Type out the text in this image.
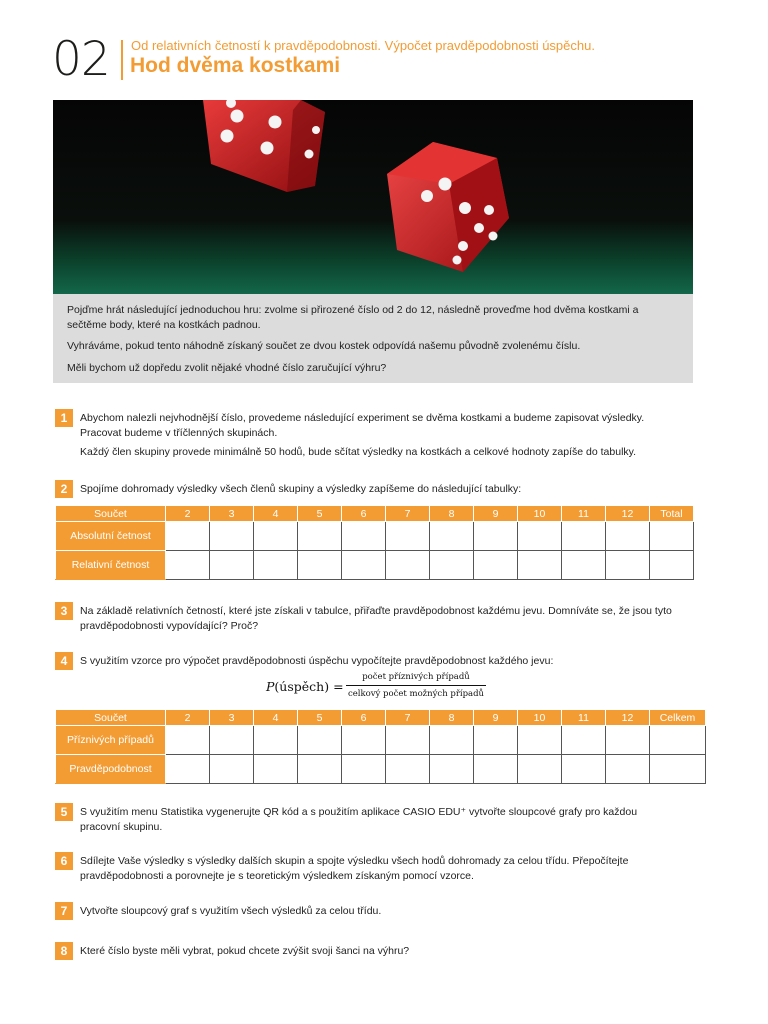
02 Od relativních četností k pravděpodobnosti. Výpočet pravděpodobnosti úspěchu.
Hod dvěma kostkami

Pojďme hrát následující jednoduchou hru: zvolme si přirozené číslo od 2 do 12, následně proveďme hod dvěma kostkami a sečtěme body, které na kostkách padnou.

Vyhráváme, pokud tento náhodně získaný součet ze dvou kostek odpovídá našemu původně zvolenému číslu.

Měli bychom už dopředu zvolit nějaké vhodné číslo zaručující výhru?

1	Abychom nalezli nejvhodnější číslo, provedeme následující experiment se dvěma kostkami a budeme zapisovat výsledky. Pracovat budeme v tříčlenných skupinách.

Každý člen skupiny provede minimálně 50 hodů, bude sčítat výsledky na kostkách a celkové hodnoty zapíše do tabulky.

2	Spojíme dohromady výsledky všech členů skupiny a výsledky zapíšeme do následující tabulky:
Součet	2	3	4	5	6	7	8	9	10	11	12	Total
Absolutní četnost												
Relativní četnost												
3	Na základě relativních četností, které jste získali v tabulce, přiřaďte pravděpodobnost každému jevu. Domníváte se, že jsou tyto pravděpodobnosti vypovídající? Proč?
4	S využitím vzorce pro výpočet pravděpodobnosti úspěchu vypočítejte pravděpodobnost každého jevu:
P(úspěch) =
počet příznivých případů
celkový počet možných případů
Součet	2	3	4	5	6	7	8	9	10	11	12	Celkem
Příznivých případů												
Pravděpodobnost												
5	S využitím menu Statistika vygenerujte QR kód a s použitím aplikace CASIO EDU⁺ vytvořte sloupcové grafy pro každou pracovní skupinu.
6	Sdílejte Vaše výsledky s výsledky dalších skupin a spojte výsledku všech hodů dohromady za celou třídu. Přepočítejte pravděpodobnosti a porovnejte je s teoretickým výsledkem získaným pomocí vzorce.
7	Vytvořte sloupcový graf s využitím všech výsledků za celou třídu.
8	Které číslo byste měli vybrat, pokud chcete zvýšit svoji šanci na výhru?
